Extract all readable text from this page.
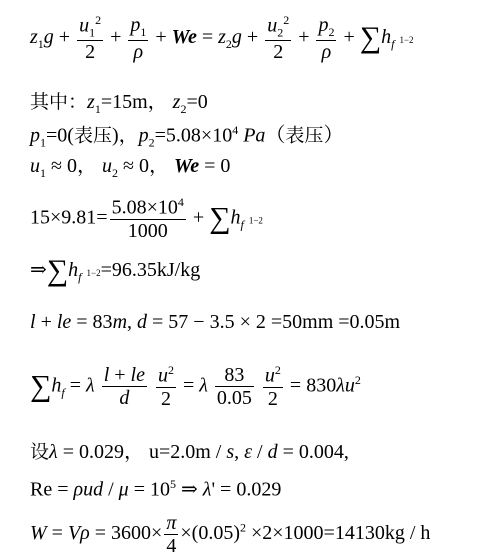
$z_1g + \frac{u_1^2}{2} + \frac{p_1}{\rho} + We = z_2g + \frac{u_2^2}{2} + \frac{p_2}{\rho} + \sum h_f$ 1−2
其中：$z_1=15m$， $z_2=0$
$p_1=0$(表压)，$p_2=5.08\times 10^4$ Pa（表压）
$u_1 \approx 0$， $u_2 \approx 0$， We = 0
$15\times 9.81= \frac{5.08\times 10^4}{1000} + \sum h_f$ 1−2
$\Rightarrow\sum h_f$ 1−2=96.35kJ/kg
l + le = 83m, d = 57 − 3.5 × 2 =50mm =0.05m
$\sum h_f = \lambda \frac{l + le}{d}$
$\frac{u^2}{2} = \lambda \frac{83}{0.05}$
$\frac{u^2}{2} = 830\lambda u^2$
设λ = 0.029， u=2.0m / s, ε / d = 0.004,
$Re = \rho ud / \mu = 10^5$ ⇒ λ' = 0.029
$W = V\rho = 3600\times \frac{\pi}{4} \times(0.05)^2 \times 2\times 1000=14130kg / h$
